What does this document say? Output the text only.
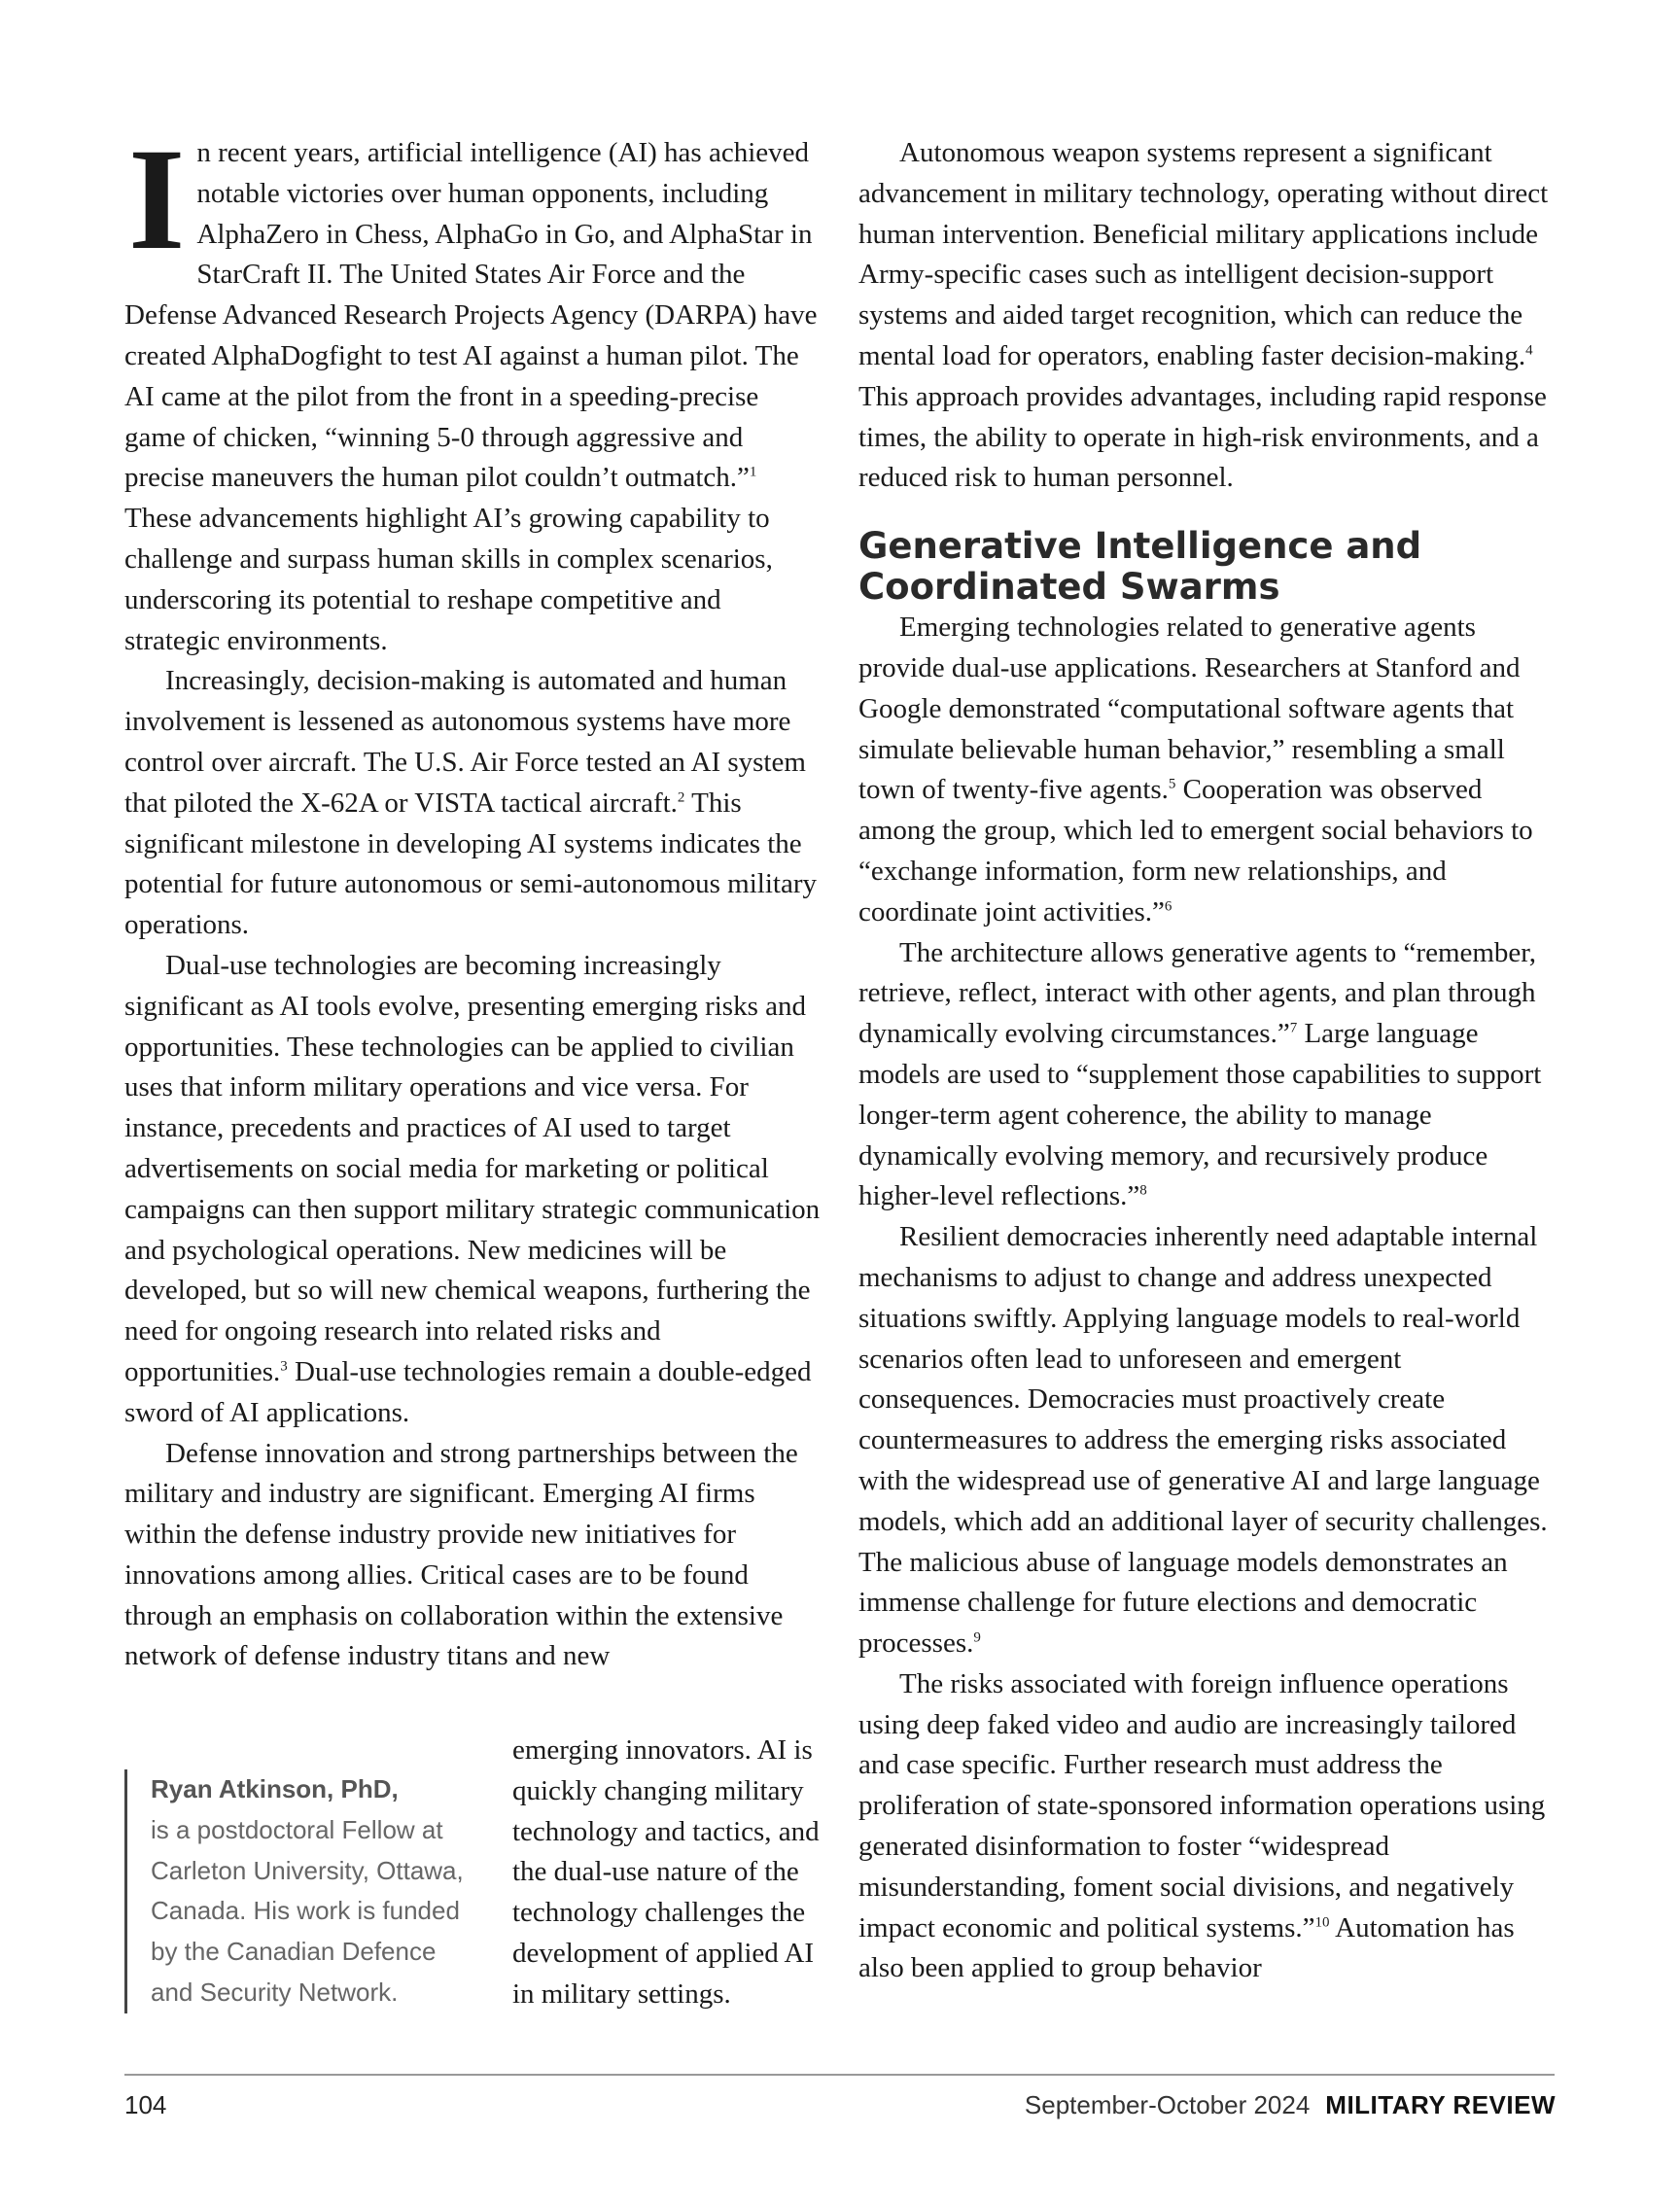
In recent years, artificial intelligence (AI) has achieved notable victories over human opponents, including AlphaZero in Chess, AlphaGo in Go, and AlphaStar in StarCraft II. The United States Air Force and the Defense Advanced Research Projects Agency (DARPA) have created AlphaDogfight to test AI against a human pilot. The AI came at the pilot from the front in a speeding-precise game of chicken, “winning 5-0 through aggressive and precise maneuvers the human pilot couldn’t outmatch.”$^1$ These advancements highlight AI’s growing capability to challenge and surpass human skills in complex scenarios, underscoring its potential to reshape competitive and strategic environments.

Increasingly, decision-making is automated and human involvement is lessened as autonomous systems have more control over aircraft. The U.S. Air Force tested an AI system that piloted the X-62A or VISTA tactical aircraft.$^2$ This significant milestone in developing AI systems indicates the potential for future autonomous or semi-autonomous military operations.

Dual-use technologies are becoming increasingly significant as AI tools evolve, presenting emerging risks and opportunities. These technologies can be applied to civilian uses that inform military operations and vice versa. For instance, precedents and practices of AI used to target advertisements on social media for marketing or political campaigns can then support military strategic communication and psychological operations. New medicines will be developed, but so will new chemical weapons, furthering the need for ongoing research into related risks and opportunities.$^3$ Dual-use technologies remain a double-edged sword of AI applications.

Defense innovation and strong partnerships between the military and industry are significant. Emerging AI firms within the defense industry provide new initiatives for innovations among allies. Critical cases are to be found through an emphasis on collaboration within the extensive network of defense industry titans and new

emerging innovators. AI is quickly changing military technology and tactics, and the dual-use nature of the technology challenges the development of applied AI in military settings.
Ryan Atkinson, PhD,
is a postdoctoral Fellow at Carleton University, Ottawa, Canada. His work is funded by the Canadian Defence and Security Network.

Autonomous weapon systems represent a significant advancement in military technology, operating without direct human intervention. Beneficial military applications include Army-specific cases such as intelligent decision-support systems and aided target recognition, which can reduce the mental load for operators, enabling faster decision-making.$^4$ This approach provides advantages, including rapid response times, the ability to operate in high-risk environments, and a reduced risk to human personnel.

Generative Intelligence and Coordinated Swarms

Emerging technologies related to generative agents provide dual-use applications. Researchers at Stanford and Google demonstrated “computational software agents that simulate believable human behavior,” resembling a small town of twenty-five agents.$^5$ Cooperation was observed among the group, which led to emergent social behaviors to “exchange information, form new relationships, and coordinate joint activities.”$^6$

The architecture allows generative agents to “remember, retrieve, reflect, interact with other agents, and plan through dynamically evolving circumstances.”$^7$ Large language models are used to “supplement those capabilities to support longer-term agent coherence, the ability to manage dynamically evolving memory, and recursively produce higher-level reflections.”$^8$

Resilient democracies inherently need adaptable internal mechanisms to adjust to change and address unexpected situations swiftly. Applying language models to real-world scenarios often lead to unforeseen and emergent consequences. Democracies must proactively create countermeasures to address the emerging risks associated with the widespread use of generative AI and large language models, which add an additional layer of security challenges. The malicious abuse of language models demonstrates an immense challenge for future elections and democratic processes.$^9$

The risks associated with foreign influence operations using deep faked video and audio are increasingly tailored and case specific. Further research must address the proliferation of state-sponsored information operations using generated disinformation to foster “widespread misunderstanding, foment social divisions, and negatively impact economic and political systems.”$^{10}$ Automation has also been applied to group behavior

104	September-October 2024 MILITARY REVIEW
